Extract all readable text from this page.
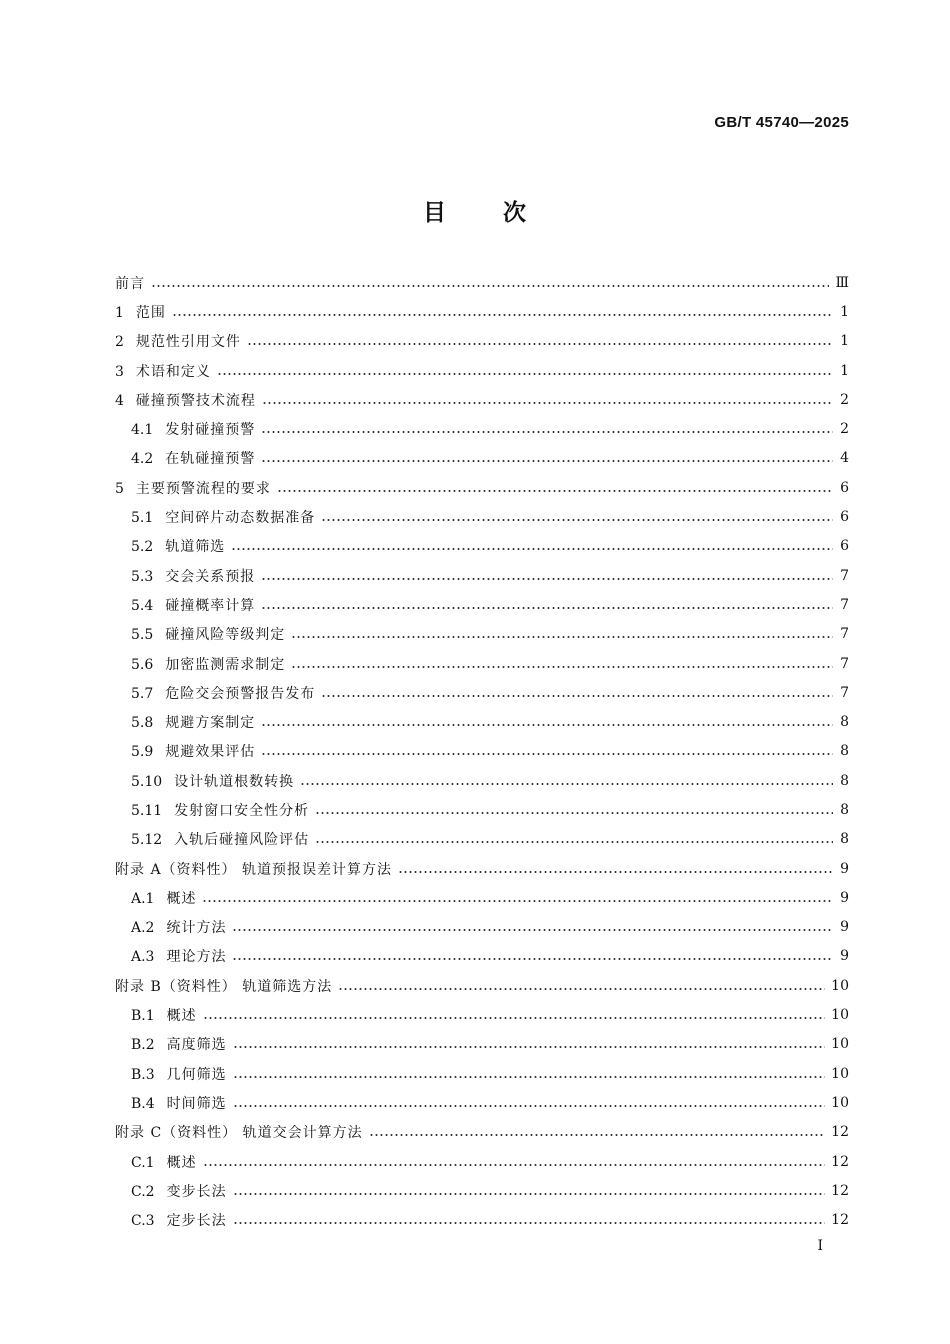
GB/T 45740—2025
目 次
前言	Ⅲ
1 范围	1
2 规范性引用文件	1
3 术语和定义	1
4 碰撞预警技术流程	2
4.1 发射碰撞预警	2
4.2 在轨碰撞预警	4
5 主要预警流程的要求	6
5.1 空间碎片动态数据准备	6
5.2 轨道筛选	6
5.3 交会关系预报	7
5.4 碰撞概率计算	7
5.5 碰撞风险等级判定	7
5.6 加密监测需求制定	7
5.7 危险交会预警报告发布	7
5.8 规避方案制定	8
5.9 规避效果评估	8
5.10 设计轨道根数转换	8
5.11 发射窗口安全性分析	8
5.12 入轨后碰撞风险评估	8
附录 A（资料性） 轨道预报误差计算方法	9
A.1 概述	9
A.2 统计方法	9
A.3 理论方法	9
附录 B（资料性） 轨道筛选方法	10
B.1 概述	10
B.2 高度筛选	10
B.3 几何筛选	10
B.4 时间筛选	10
附录 C（资料性） 轨道交会计算方法	12
C.1 概述	12
C.2 变步长法	12
C.3 定步长法	12
I
